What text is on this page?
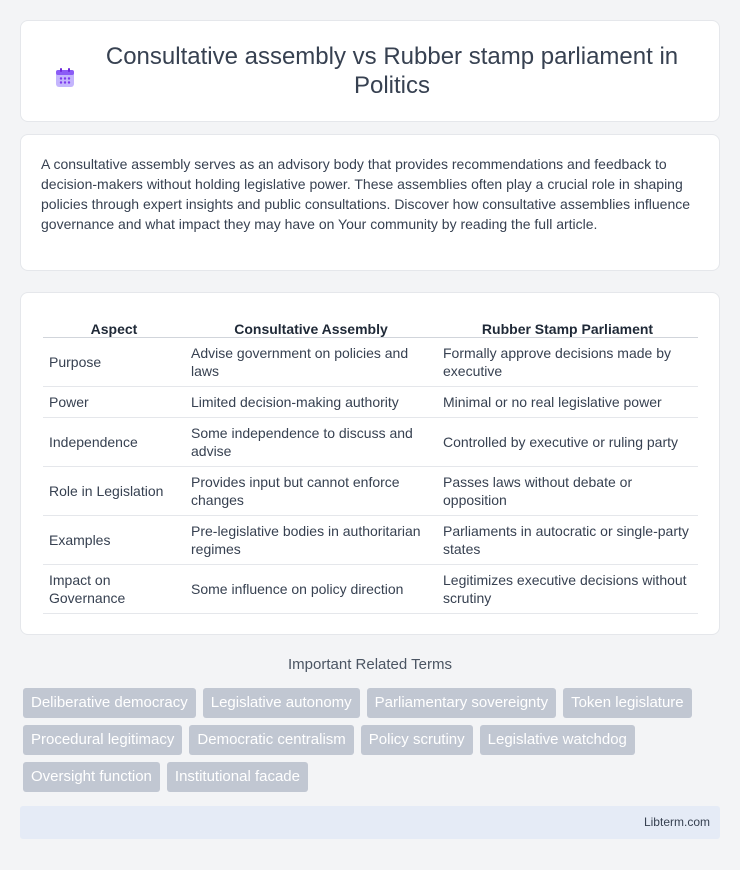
Consultative assembly vs Rubber stamp parliament in Politics

A consultative assembly serves as an advisory body that provides recommendations and feedback to decision-makers without holding legislative power. These assemblies often play a crucial role in shaping policies through expert insights and public consultations. Discover how consultative assemblies influence governance and what impact they may have on Your community by reading the full article.

Aspect	Consultative Assembly	Rubber Stamp Parliament
Purpose	Advise government on policies and laws	Formally approve decisions made by executive
Power	Limited decision-making authority	Minimal or no real legislative power
Independence	Some independence to discuss and advise	Controlled by executive or ruling party
Role in Legislation	Provides input but cannot enforce changes	Passes laws without debate or opposition
Examples	Pre-legislative bodies in authoritarian regimes	Parliaments in autocratic or single-party states
Impact on Governance	Some influence on policy direction	Legitimizes executive decisions without scrutiny
Important Related Terms
Deliberative democracy	Legislative autonomy	Parliamentary sovereignty	Token legislature
Procedural legitimacy	Democratic centralism	Policy scrutiny	Legislative watchdog
Oversight function	Institutional facade
Libterm.com
